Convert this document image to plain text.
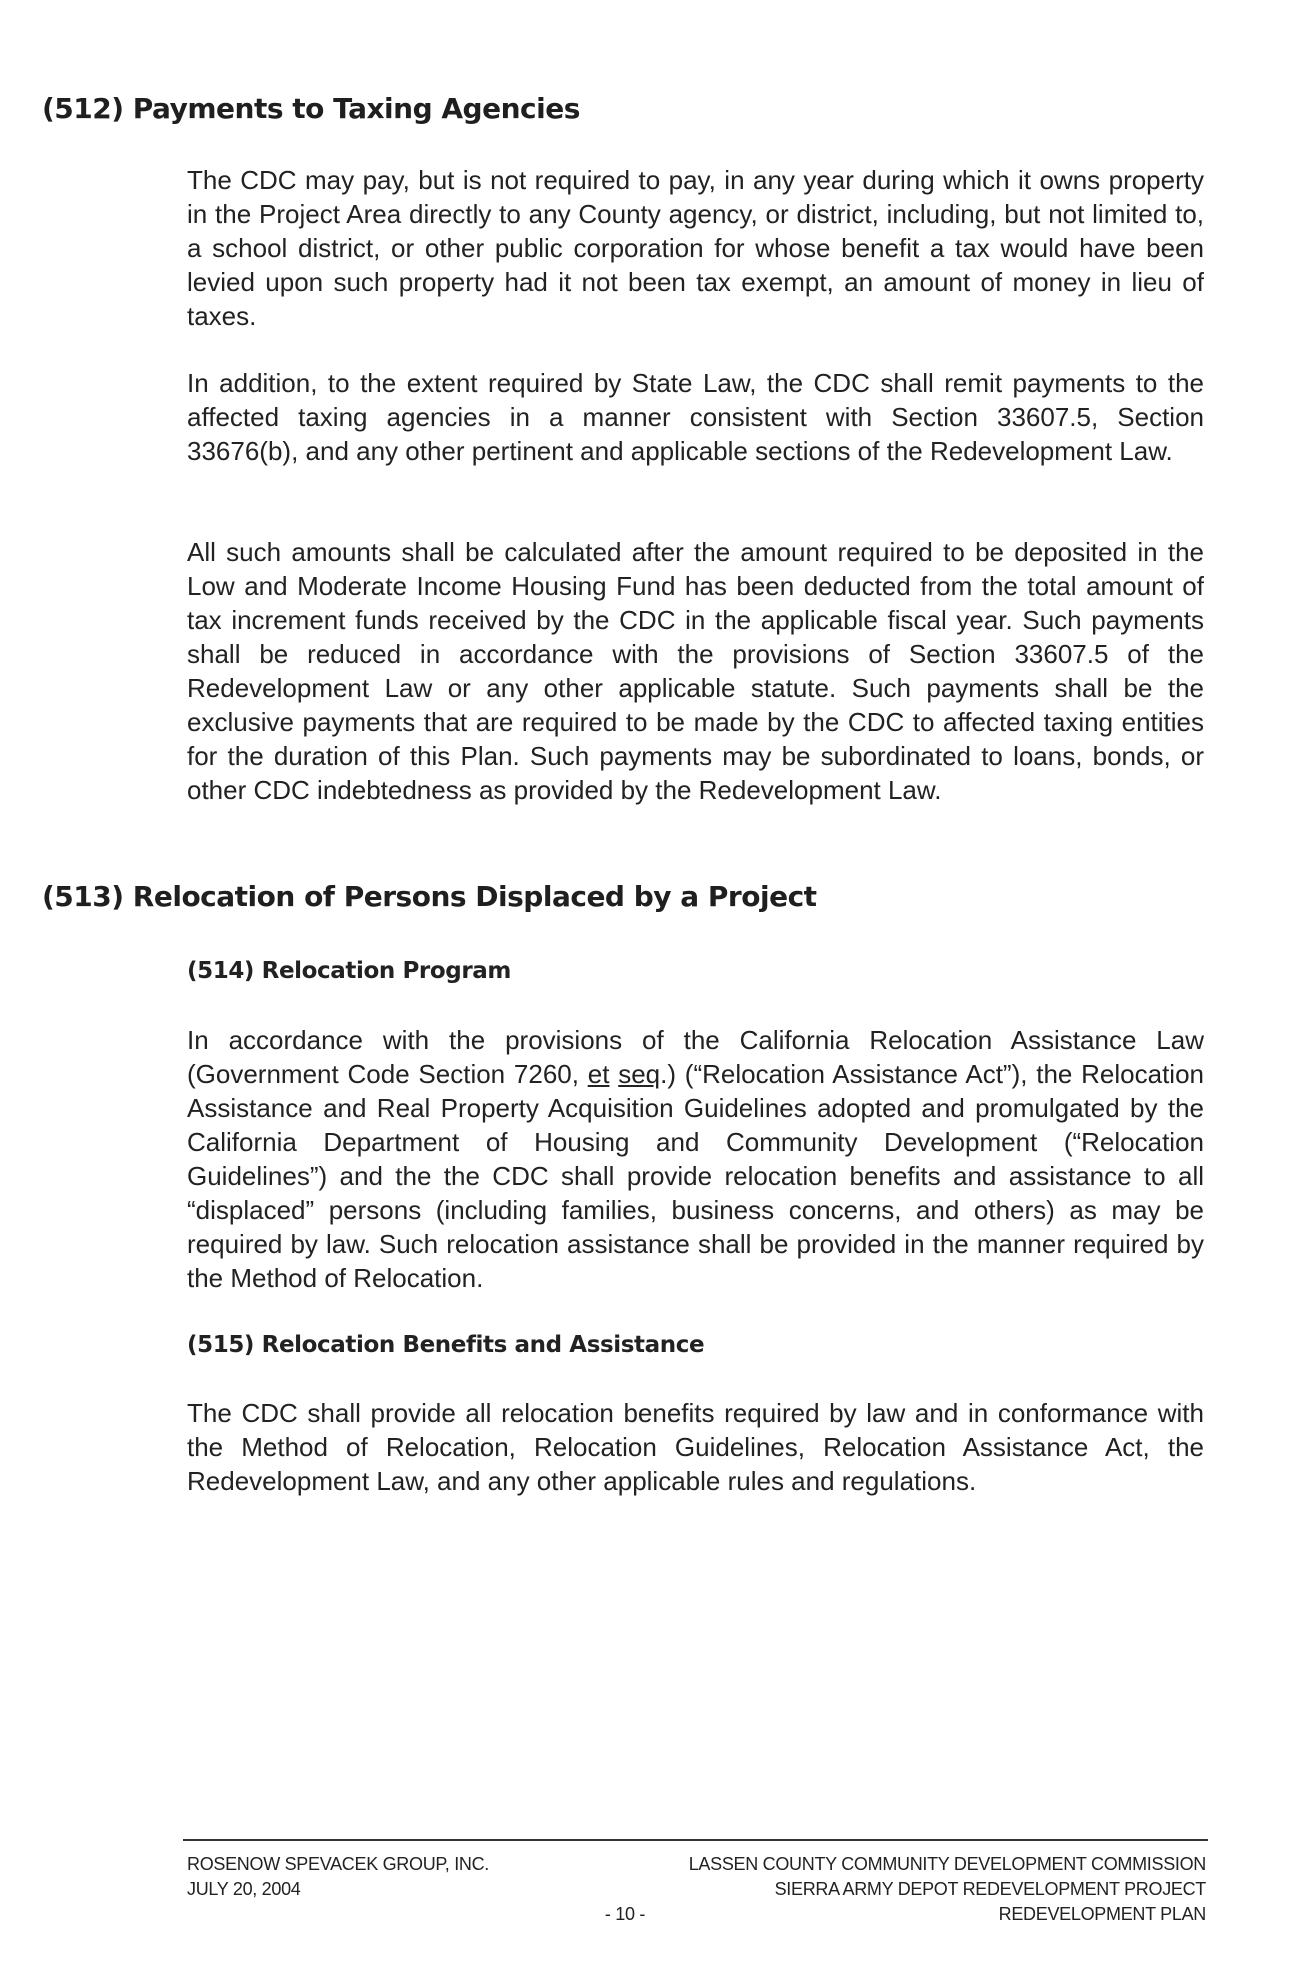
(512) Payments to Taxing Agencies

The CDC may pay, but is not required to pay, in any year during which it owns property in the Project Area directly to any County agency, or district, including, but not limited to, a school district, or other public corporation for whose benefit a tax would have been levied upon such property had it not been tax exempt, an amount of money in lieu of taxes.

In addition, to the extent required by State Law, the CDC shall remit payments to the affected taxing agencies in a manner consistent with Section 33607.5, Section 33676(b), and any other pertinent and applicable sections of the Redevelopment Law.

All such amounts shall be calculated after the amount required to be deposited in the Low and Moderate Income Housing Fund has been deducted from the total amount of tax increment funds received by the CDC in the applicable fiscal year. Such payments shall be reduced in accordance with the provisions of Section 33607.5 of the Redevelopment Law or any other applicable statute. Such payments shall be the exclusive payments that are required to be made by the CDC to affected taxing entities for the duration of this Plan. Such payments may be subordinated to loans, bonds, or other CDC indebtedness as provided by the Redevelopment Law.

(513) Relocation of Persons Displaced by a Project
(514) Relocation Program

In accordance with the provisions of the California Relocation Assistance Law (Government Code Section 7260, et seq.) (“Relocation Assistance Act”), the Relocation Assistance and Real Property Acquisition Guidelines adopted and promulgated by the California Department of Housing and Community Development (“Relocation Guidelines”) and the the CDC shall provide relocation benefits and assistance to all “displaced” persons (including families, business concerns, and others) as may be required by law. Such relocation assistance shall be provided in the manner required by the Method of Relocation.

(515) Relocation Benefits and Assistance

The CDC shall provide all relocation benefits required by law and in conformance with the Method of Relocation, Relocation Guidelines, Relocation Assistance Act, the Redevelopment Law, and any other applicable rules and regulations.

ROSENOW SPEVACEK GROUP, INC.
JULY 20, 2004
LASSEN COUNTY COMMUNITY DEVELOPMENT COMMISSION
SIERRA ARMY DEPOT REDEVELOPMENT PROJECT
REDEVELOPMENT PLAN
- 10 -
